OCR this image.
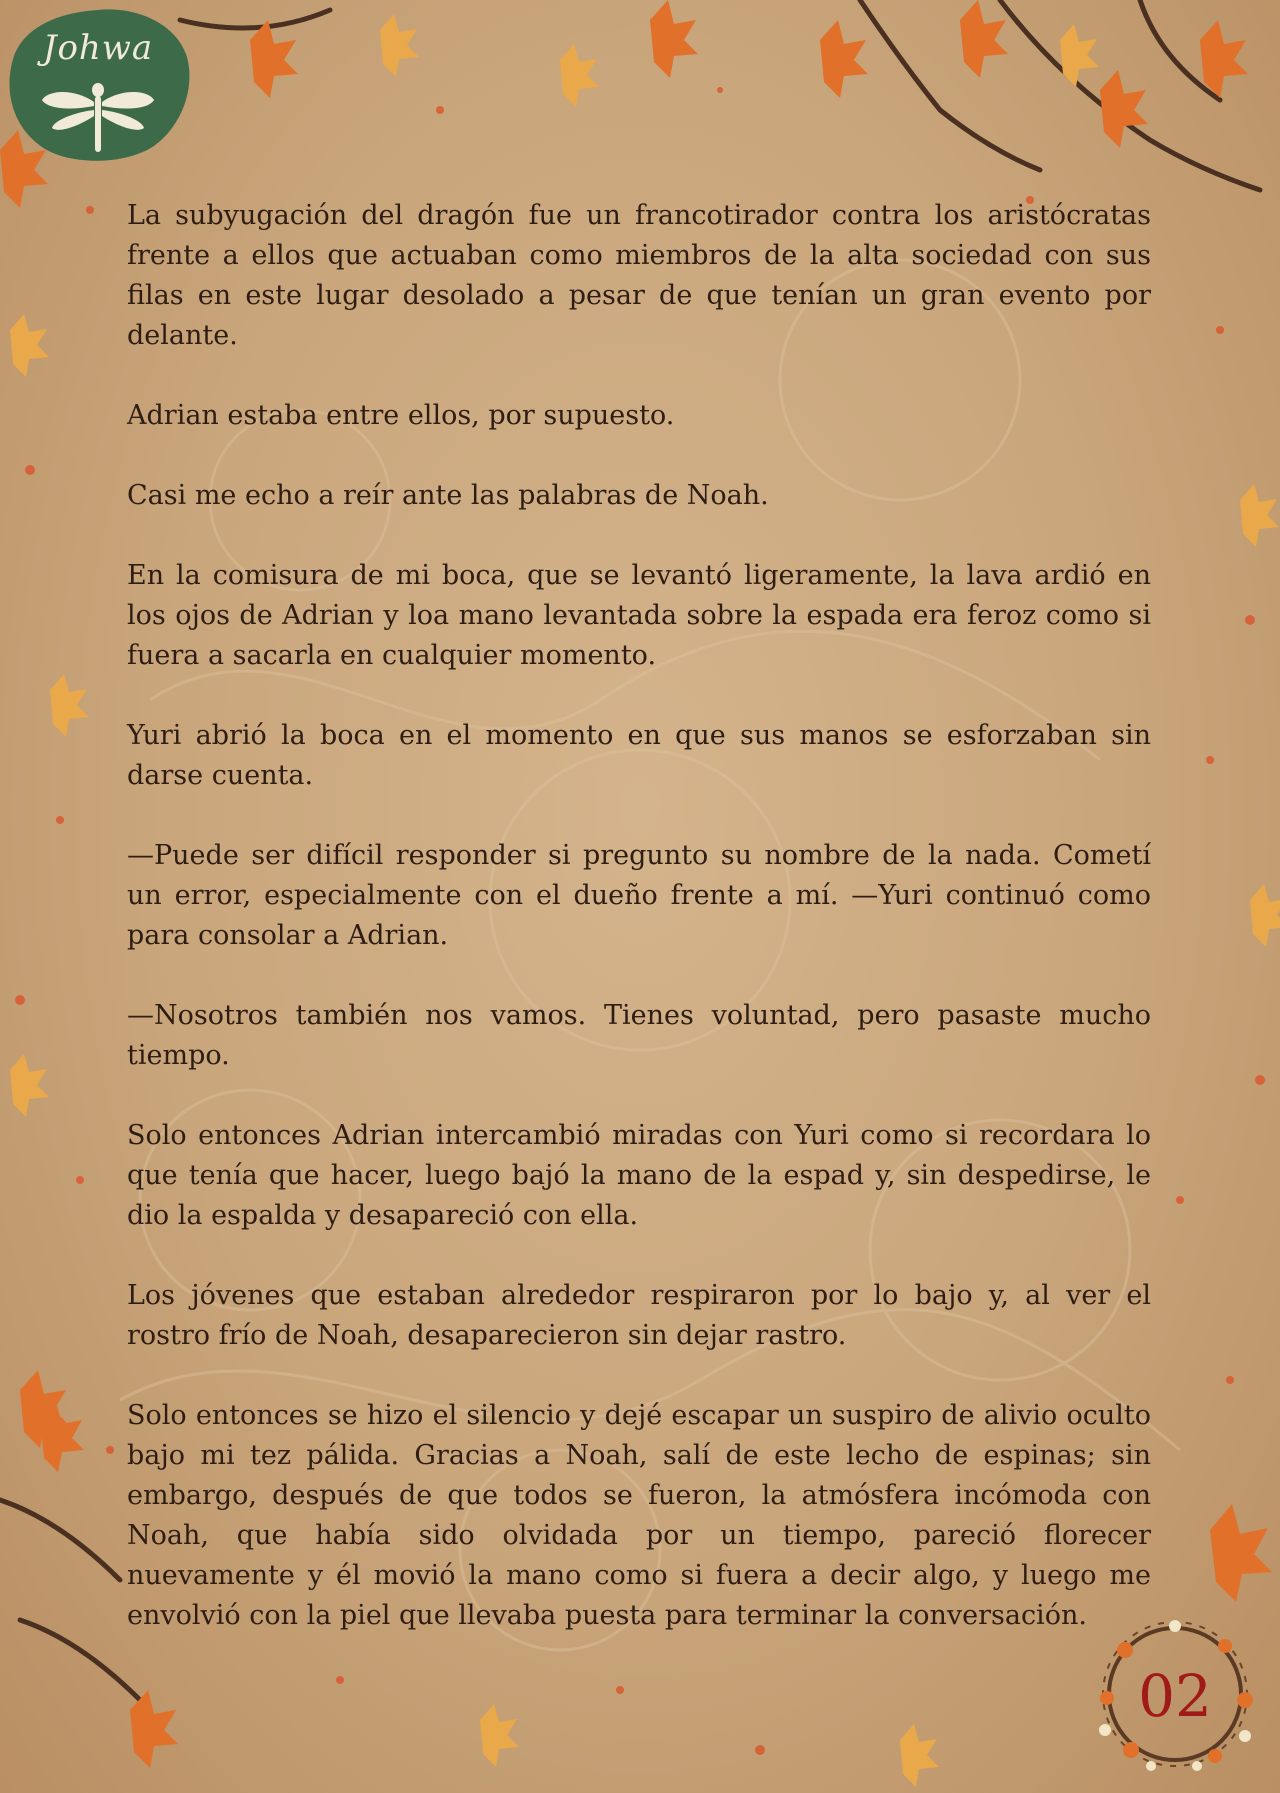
Johwa

La subyugación del dragón fue un francotirador contra los aristócratas frente a ellos que actuaban como miembros de la alta sociedad con sus filas en este lugar desolado a pesar de que tenían un gran evento por delante.

Adrian estaba entre ellos, por supuesto.

Casi me echo a reír ante las palabras de Noah.

En la comisura de mi boca, que se levantó ligeramente, la lava ardió en los ojos de Adrian y loa mano levantada sobre la espada era feroz como si fuera a sacarla en cualquier momento.

Yuri abrió la boca en el momento en que sus manos se esforzaban sin darse cuenta.

—Puede ser difícil responder si pregunto su nombre de la nada. Cometí un error, especialmente con el dueño frente a mí. —Yuri continuó como para consolar a Adrian.

—Nosotros también nos vamos. Tienes voluntad, pero pasaste mucho tiempo.

Solo entonces Adrian intercambió miradas con Yuri como si recordara lo que tenía que hacer, luego bajó la mano de la espad y, sin despedirse, le dio la espalda y desapareció con ella.

Los jóvenes que estaban alrededor respiraron por lo bajo y, al ver el rostro frío de Noah, desaparecieron sin dejar rastro.

Solo entonces se hizo el silencio y dejé escapar un suspiro de alivio oculto bajo mi tez pálida. Gracias a Noah, salí de este lecho de espinas; sin embargo, después de que todos se fueron, la atmósfera incómoda con Noah, que había sido olvidada por un tiempo, pareció florecer nuevamente y él movió la mano como si fuera a decir algo, y luego me envolvió con la piel que llevaba puesta para terminar la conversación.

02
